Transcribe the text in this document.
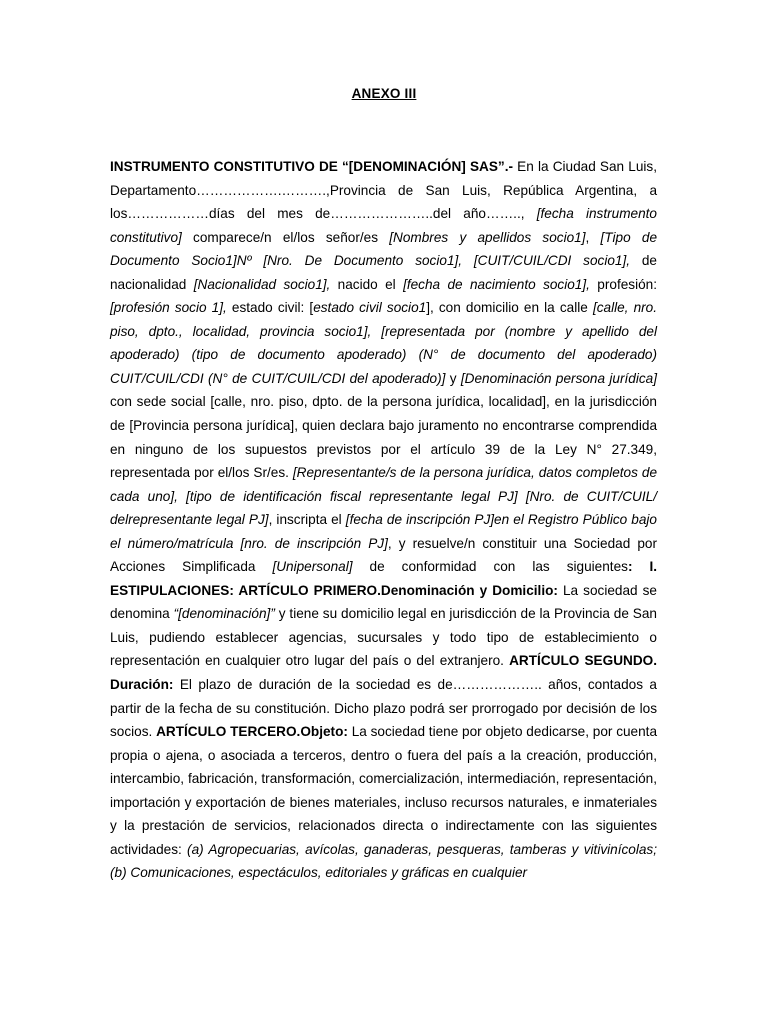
ANEXO III

INSTRUMENTO CONSTITUTIVO DE “[DENOMINACIÓN] SAS”.- En la Ciudad San Luis, Departamento……………….……….,Provincia de San Luis, República Argentina, a los………………días del mes de…………………..del año…….., [fecha instrumento constitutivo] comparece/n el/los señor/es [Nombres y apellidos socio1], [Tipo de Documento Socio1]Nº [Nro. De Documento socio1], [CUIT/CUIL/CDI socio1], de nacionalidad [Nacionalidad socio1], nacido el [fecha de nacimiento socio1], profesión: [profesión socio 1], estado civil: [estado civil socio1], con domicilio en la calle [calle, nro. piso, dpto., localidad, provincia socio1], [representada por (nombre y apellido del apoderado) (tipo de documento apoderado) (N° de documento del apoderado) CUIT/CUIL/CDI (N° de CUIT/CUIL/CDI del apoderado)] y [Denominación persona jurídica] con sede social [calle, nro. piso, dpto. de la persona jurídica, localidad], en la jurisdicción de [Provincia persona jurídica], quien declara bajo juramento no encontrarse comprendida en ninguno de los supuestos previstos por el artículo 39 de la Ley N° 27.349, representada por el/los Sr/es. [Representante/s de la persona jurídica, datos completos de cada uno], [tipo de identificación fiscal representante legal PJ] [Nro. de CUIT/CUIL/ delrepresentante legal PJ], inscripta el [fecha de inscripción PJ]en el Registro Público bajo el número/matrícula [nro. de inscripción PJ], y resuelve/n constituir una Sociedad por Acciones Simplificada [Unipersonal] de conformidad con las siguientes: I. ESTIPULACIONES: ARTÍCULO PRIMERO.Denominación y Domicilio: La sociedad se denomina “[denominación]” y tiene su domicilio legal en jurisdicción de la Provincia de San Luis, pudiendo establecer agencias, sucursales y todo tipo de establecimiento o representación en cualquier otro lugar del país o del extranjero. ARTÍCULO SEGUNDO. Duración: El plazo de duración de la sociedad es de……………….. años, contados a partir de la fecha de su constitución. Dicho plazo podrá ser prorrogado por decisión de los socios. ARTÍCULO TERCERO.Objeto: La sociedad tiene por objeto dedicarse, por cuenta propia o ajena, o asociada a terceros, dentro o fuera del país a la creación, producción, intercambio, fabricación, transformación, comercialización, intermediación, representación, importación y exportación de bienes materiales, incluso recursos naturales, e inmateriales y la prestación de servicios, relacionados directa o indirectamente con las siguientes actividades: (a) Agropecuarias, avícolas, ganaderas, pesqueras, tamberas y vitivinícolas; (b) Comunicaciones, espectáculos, editoriales y gráficas en cualquier
